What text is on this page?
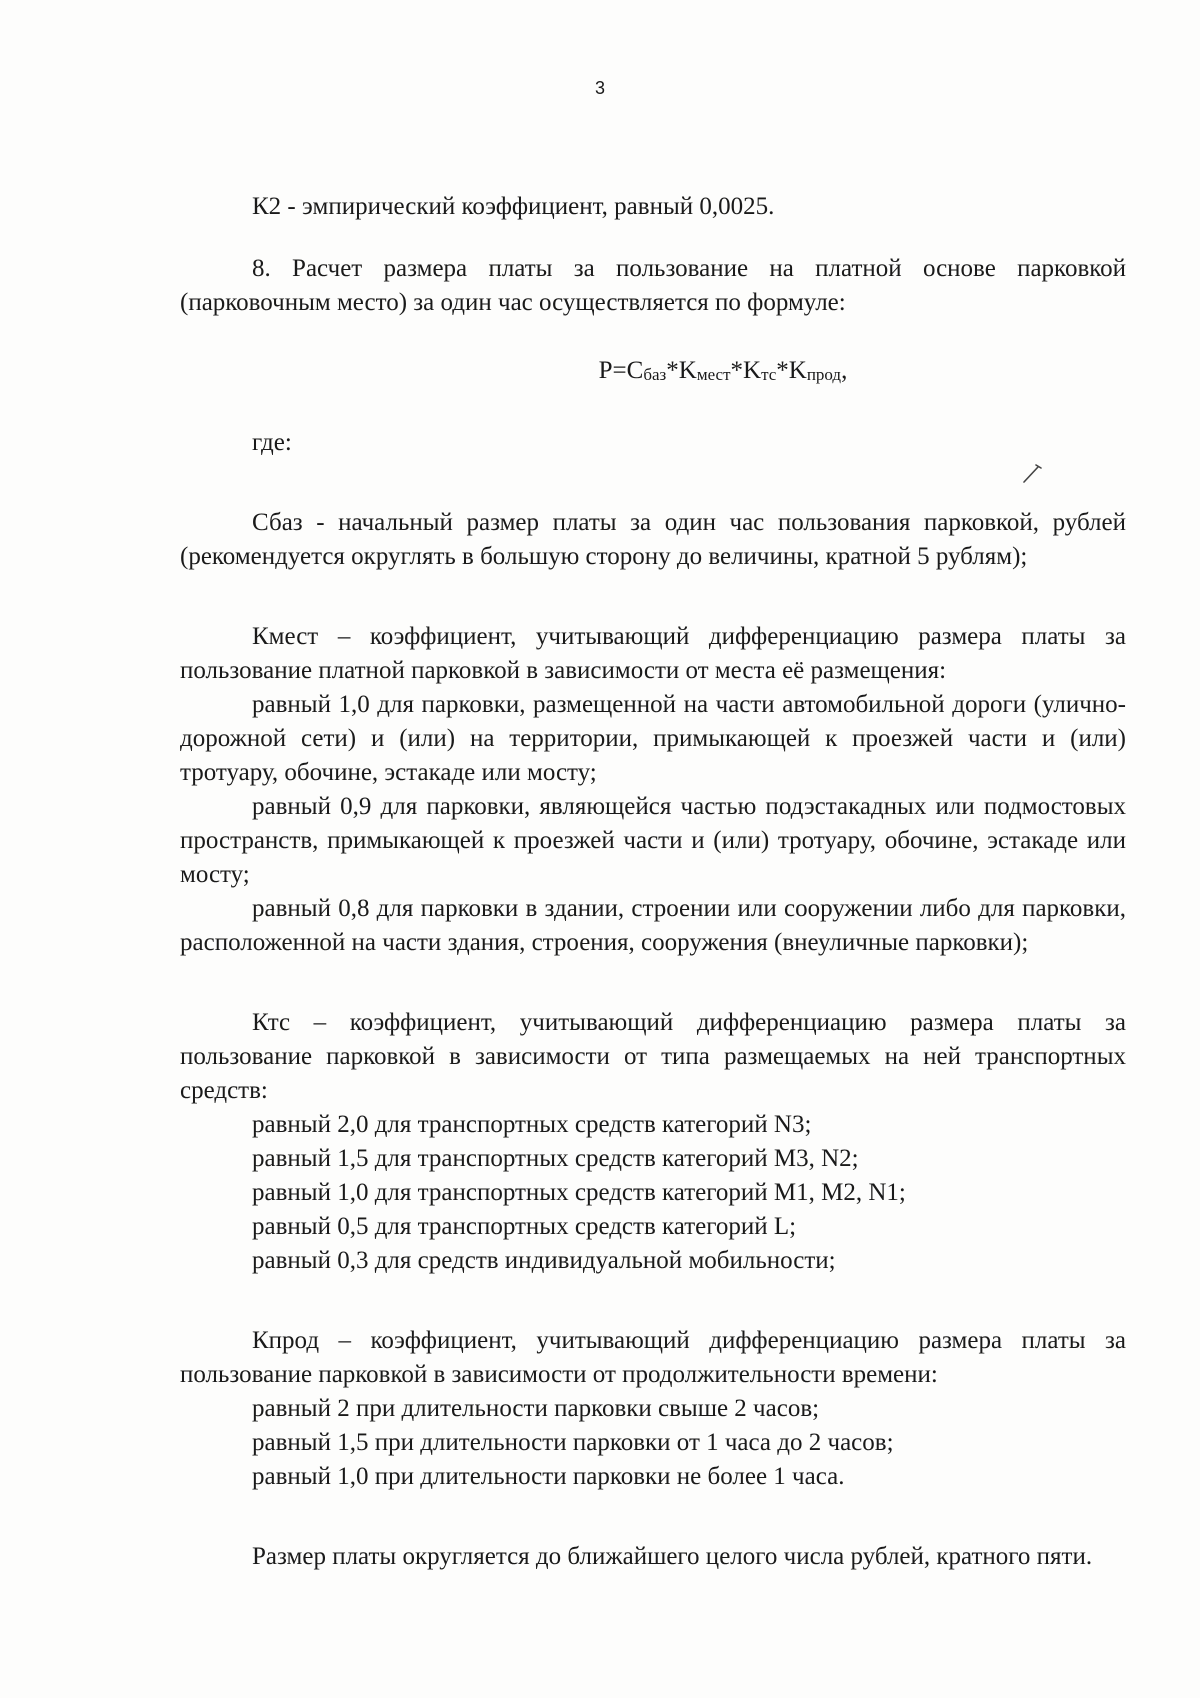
3

К2 - эмпирический коэффициент, равный 0,0025.

8. Расчет размера платы за пользование на платной основе парковкой (парковочным место) за один час осуществляется по формуле:

$P=C_{баз}*K_{мест}*K_{тс}*K_{прод}$,

где:

Сбаз - начальный размер платы за один час пользования парковкой, рублей (рекомендуется округлять в большую сторону до величины, кратной 5 рублям);

Кмест – коэффициент, учитывающий дифференциацию размера платы за пользование платной парковкой в зависимости от места её размещения:

равный 1,0 для парковки, размещенной на части автомобильной дороги (улично-дорожной сети) и (или) на территории, примыкающей к проезжей части и (или) тротуару, обочине, эстакаде или мосту;

равный 0,9 для парковки, являющейся частью подэстакадных или подмостовых пространств, примыкающей к проезжей части и (или) тротуару, обочине, эстакаде или мосту;

равный 0,8 для парковки в здании, строении или сооружении либо для парковки, расположенной на части здания, строения, сооружения (внеуличные парковки);

Ктс – коэффициент, учитывающий дифференциацию размера платы за пользование парковкой в зависимости от типа размещаемых на ней транспортных средств:

равный 2,0 для транспортных средств категорий N3;

равный 1,5 для транспортных средств категорий М3, N2;

равный 1,0 для транспортных средств категорий M1, M2, N1;

равный 0,5 для транспортных средств категорий L;

равный 0,3 для средств индивидуальной мобильности;

Кпрод – коэффициент, учитывающий дифференциацию размера платы за пользование парковкой в зависимости от продолжительности времени:

равный 2 при длительности парковки свыше 2 часов;

равный 1,5 при длительности парковки от 1 часа до 2 часов;

равный 1,0 при длительности парковки не более 1 часа.

Размер платы округляется до ближайшего целого числа рублей, кратного пяти.
